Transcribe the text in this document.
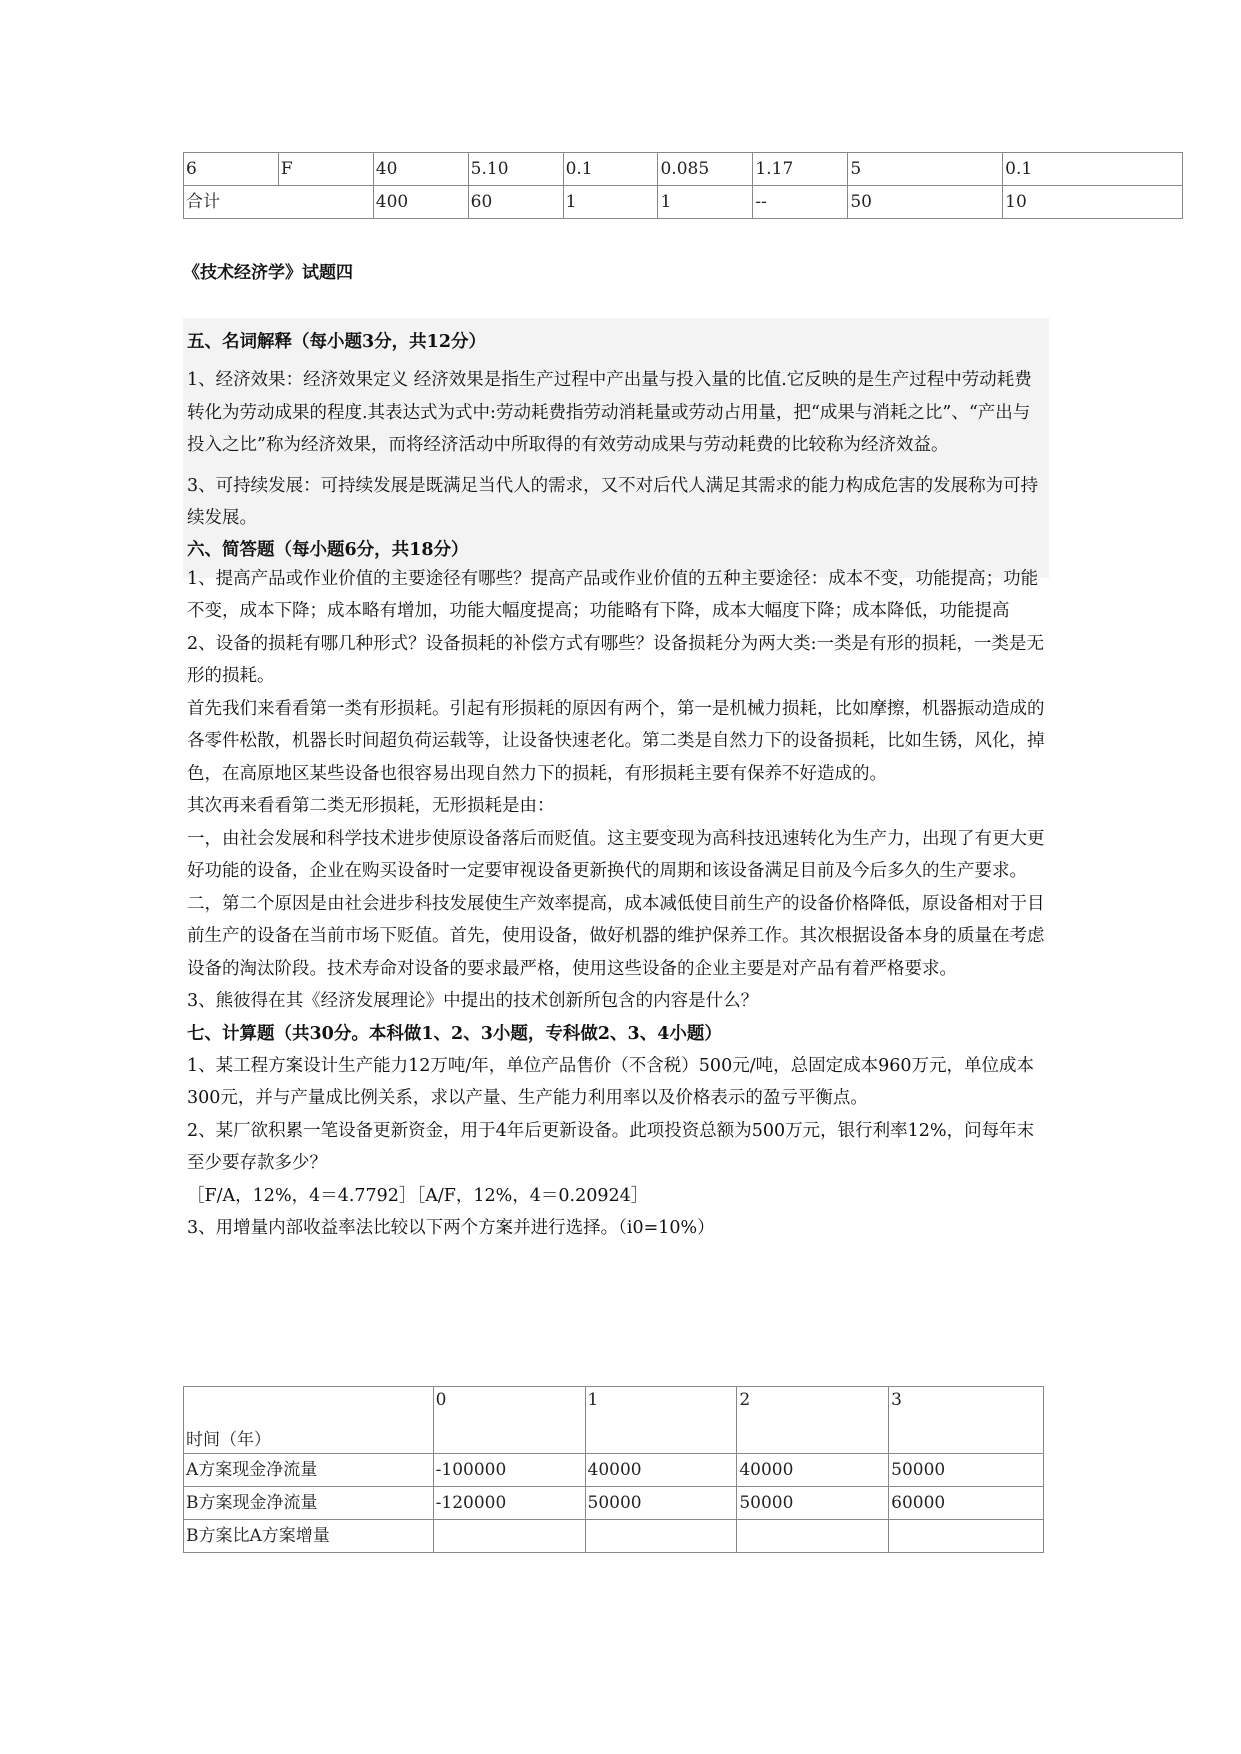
6	F	40	5.10	0.1	0.085	1.17	5	0.1
合计		400	60	1	1	--	50	10
《技术经济学》试题四
五、名词解释（每小题3分，共12分）

1、经济效果：经济效果定义 经济效果是指生产过程中产出量与投入量的比值.它反映的是生产过程中劳动耗费转化为劳动成果的程度.其表达式为式中:劳动耗费指劳动消耗量或劳动占用量，把“成果与消耗之比”、“产出与投入之比”称为经济效果，而将经济活动中所取得的有效劳动成果与劳动耗费的比较称为经济效益。

3、可持续发展：可持续发展是既满足当代人的需求，又不对后代人满足其需求的能力构成危害的发展称为可持续发展。

六、简答题（每小题6分，共18分）

1、提高产品或作业价值的主要途径有哪些？提高产品或作业价值的五种主要途径：成本不变，功能提高；功能不变，成本下降；成本略有增加，功能大幅度提高；功能略有下降，成本大幅度下降；成本降低，功能提高

2、设备的损耗有哪几种形式？设备损耗的补偿方式有哪些？设备损耗分为两大类:一类是有形的损耗，一类是无形的损耗。

首先我们来看看第一类有形损耗。引起有形损耗的原因有两个，第一是机械力损耗，比如摩擦，机器振动造成的各零件松散，机器长时间超负荷运载等，让设备快速老化。第二类是自然力下的设备损耗，比如生锈，风化，掉色，在高原地区某些设备也很容易出现自然力下的损耗，有形损耗主要有保养不好造成的。

其次再来看看第二类无形损耗，无形损耗是由：

一，由社会发展和科学技术进步使原设备落后而贬值。这主要变现为高科技迅速转化为生产力，出现了有更大更好功能的设备，企业在购买设备时一定要审视设备更新换代的周期和该设备满足目前及今后多久的生产要求。

二，第二个原因是由社会进步科技发展使生产效率提高，成本减低使目前生产的设备价格降低，原设备相对于目前生产的设备在当前市场下贬值。首先，使用设备，做好机器的维护保养工作。其次根据设备本身的质量在考虑设备的淘汰阶段。技术寿命对设备的要求最严格，使用这些设备的企业主要是对产品有着严格要求。

3、熊彼得在其《经济发展理论》中提出的技术创新所包含的内容是什么？

七、计算题（共30分。本科做1、2、3小题，专科做2、3、4小题）

1、某工程方案设计生产能力12万吨/年，单位产品售价（不含税）500元/吨，总固定成本960万元，单位成本300元，并与产量成比例关系，求以产量、生产能力利用率以及价格表示的盈亏平衡点。

2、某厂欲积累一笔设备更新资金，用于4年后更新设备。此项投资总额为500万元，银行利率12%，问每年末至少要存款多少？

［F/A，12%，4＝4.7792］［A/F，12%，4＝0.20924］

3、用增量内部收益率法比较以下两个方案并进行选择。（i0=10%）

时间（年）	0	1	2	3
A方案现金净流量	-100000	40000	40000	50000
B方案现金净流量	-120000	50000	50000	60000
B方案比A方案增量				
